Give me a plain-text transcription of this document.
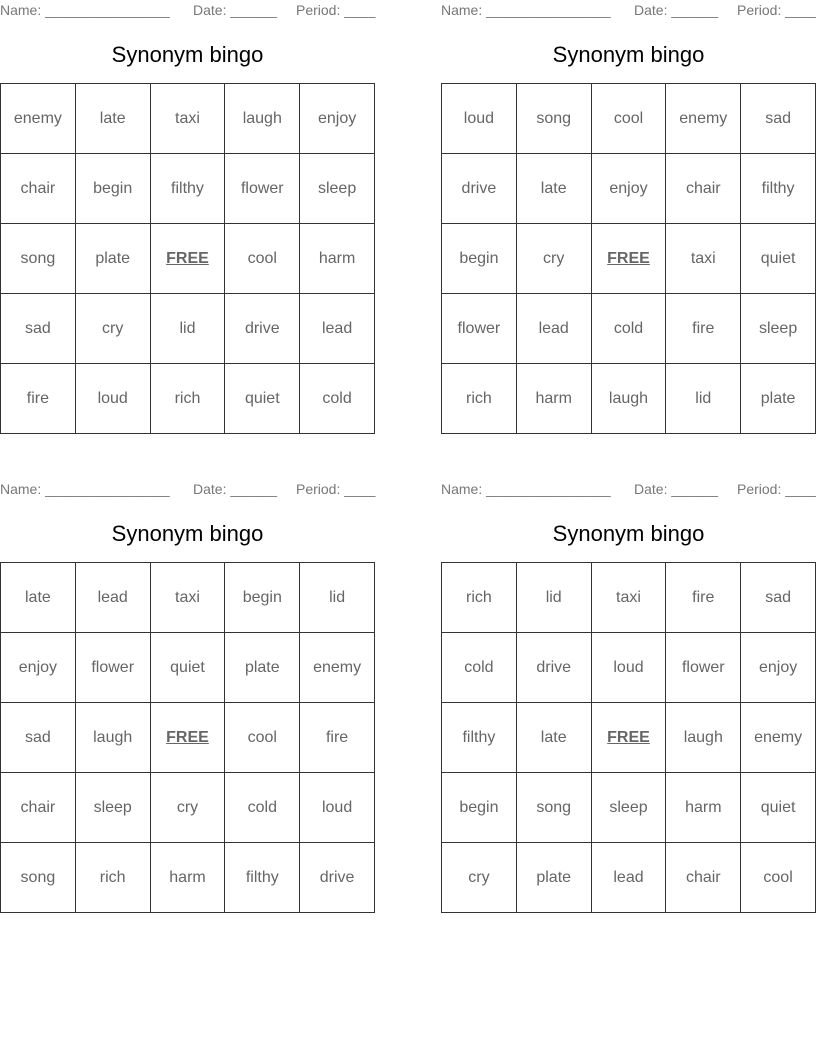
Name: ________________ Date: ______ Period: ____
Synonym bingo
enemy	late	taxi	laugh	enjoy
chair	begin	filthy	flower	sleep
song	plate	FREE	cool	harm
sad	cry	lid	drive	lead
fire	loud	rich	quiet	cold
Name: ________________ Date: ______ Period: ____
Synonym bingo
loud	song	cool	enemy	sad
drive	late	enjoy	chair	filthy
begin	cry	FREE	taxi	quiet
flower	lead	cold	fire	sleep
rich	harm	laugh	lid	plate
Name: ________________ Date: ______ Period: ____
Synonym bingo
late	lead	taxi	begin	lid
enjoy	flower	quiet	plate	enemy
sad	laugh	FREE	cool	fire
chair	sleep	cry	cold	loud
song	rich	harm	filthy	drive
Name: ________________ Date: ______ Period: ____
Synonym bingo
rich	lid	taxi	fire	sad
cold	drive	loud	flower	enjoy
filthy	late	FREE	laugh	enemy
begin	song	sleep	harm	quiet
cry	plate	lead	chair	cool
